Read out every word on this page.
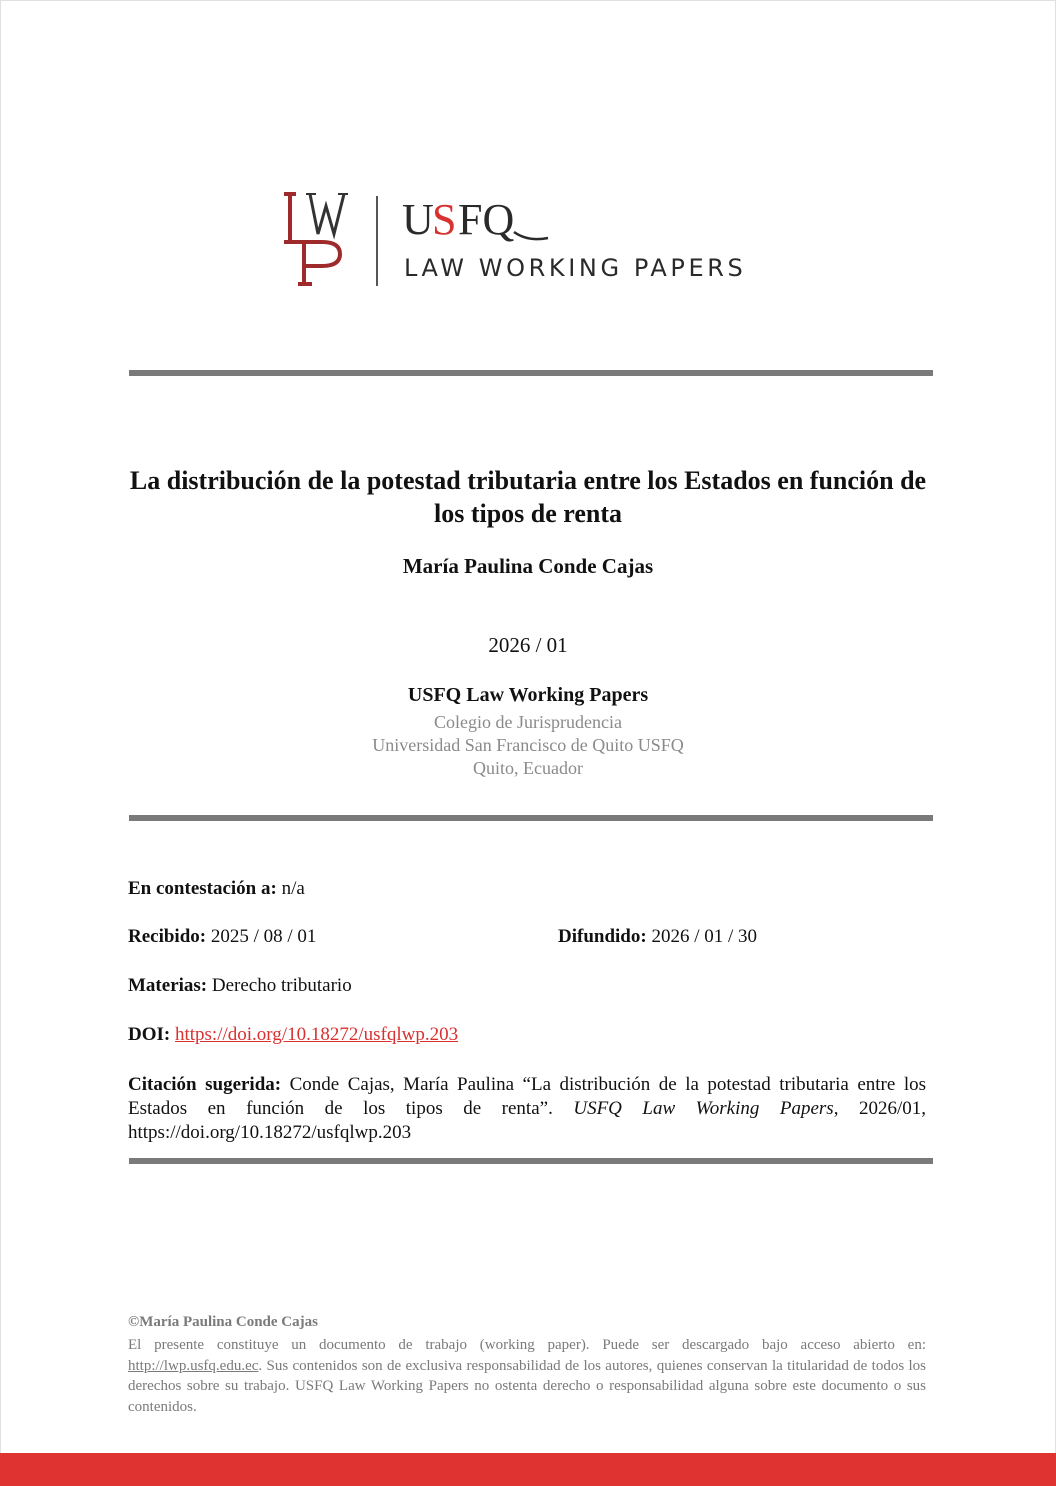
U
S FQ
LAW WORKING PAPERS
La distribución de la potestad tributaria entre los Estados en función de los tipos de renta
María Paulina Conde Cajas
2026 / 01
USFQ Law Working Papers
Colegio de Jurisprudencia
Universidad San Francisco de Quito USFQ
Quito, Ecuador
En contestación a: n/a
Recibido: 2025 / 08 / 01	Difundido: 2026 / 01 / 30
Materias: Derecho tributario
DOI: https://doi.org/10.18272/usfqlwp.203
Citación sugerida: Conde Cajas, María Paulina “La distribución de la potestad tributaria entre los Estados en función de los tipos de renta”. USFQ Law Working Papers, 2026/01, https://doi.org/10.18272/usfqlwp.203
©María Paulina Conde Cajas
El presente constituye un documento de trabajo (working paper). Puede ser descargado bajo acceso abierto en: http://lwp.usfq.edu.ec. Sus contenidos son de exclusiva responsabilidad de los autores, quienes conservan la titularidad de todos los derechos sobre su trabajo. USFQ Law Working Papers no ostenta derecho o responsabilidad alguna sobre este documento o sus contenidos.
